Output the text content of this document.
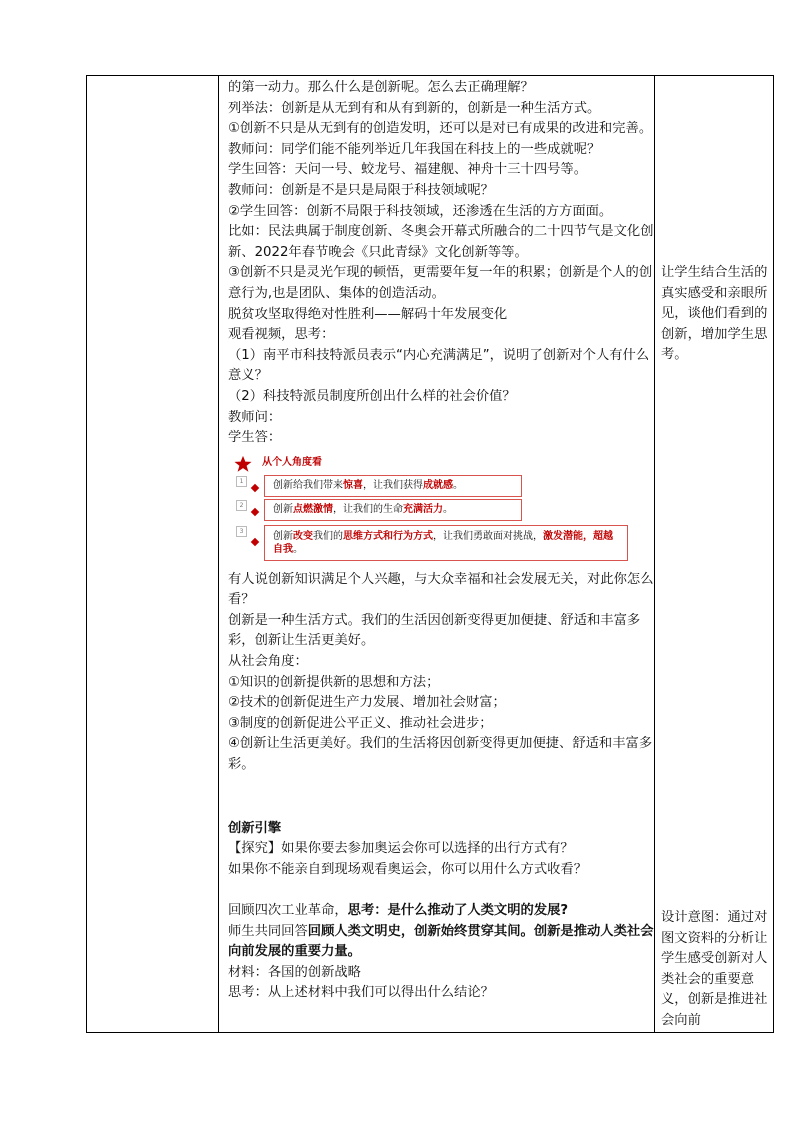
的第一动力。那么什么是创新呢。怎么去正确理解？

列举法：创新是从无到有和从有到新的，创新是一种生活方式。

①创新不只是从无到有的创造发明，还可以是对已有成果的改进和完善。

教师问：同学们能不能列举近几年我国在科技上的一些成就呢？

学生回答：天问一号、蛟龙号、福建舰、神舟十三十四号等。

教师问：创新是不是只是局限于科技领域呢？

②学生回答：创新不局限于科技领域，还渗透在生活的方方面面。

比如：民法典属于制度创新、冬奥会开幕式所融合的二十四节气是文化创新、2022年春节晚会《只此青绿》文化创新等等。

③创新不只是灵光乍现的顿悟，更需要年复一年的积累；创新是个人的创意行为,也是团队、集体的创造活动。

脱贫攻坚取得绝对性胜利——解码十年发展变化

观看视频，思考：

（1）南平市科技特派员表示“内心充满满足”，说明了创新对个人有什么意义？

（2）科技特派员制度所创出什么样的社会价值？

教师问：

学生答：

从个人角度看
1	创新给我们带来惊喜，让我们获得成就感。
2	创新点燃激情，让我们的生命充满活力。
3	创新改变我们的思维方式和行为方式，让我们勇敢面对挑战，激发潜能，超越自我。

有人说创新知识满足个人兴趣，与大众幸福和社会发展无关，对此你怎么看？

创新是一种生活方式。我们的生活因创新变得更加便捷、舒适和丰富多彩，创新让生活更美好。

从社会角度：

①知识的创新提供新的思想和方法；

②技术的创新促进生产力发展、增加社会财富；

③制度的创新促进公平正义、推动社会进步；

④创新让生活更美好。我们的生活将因创新变得更加便捷、舒适和丰富多彩。

创新引擎

【探究】如果你要去参加奥运会你可以选择的出行方式有？

如果你不能亲自到现场观看奥运会，你可以用什么方式收看？

回顾四次工业革命，思考：是什么推动了人类文明的发展?

师生共同回答回顾人类文明史，创新始终贯穿其间。创新是推动人类社会向前发展的重要力量。

材料：各国的创新战略

思考：从上述材料中我们可以得出什么结论？

让学生结合生活的真实感受和亲眼所见，谈他们看到的创新，增加学生思考。
设计意图：通过对图文资料的分析让学生感受创新对人类社会的重要意义，创新是推进社会向前
